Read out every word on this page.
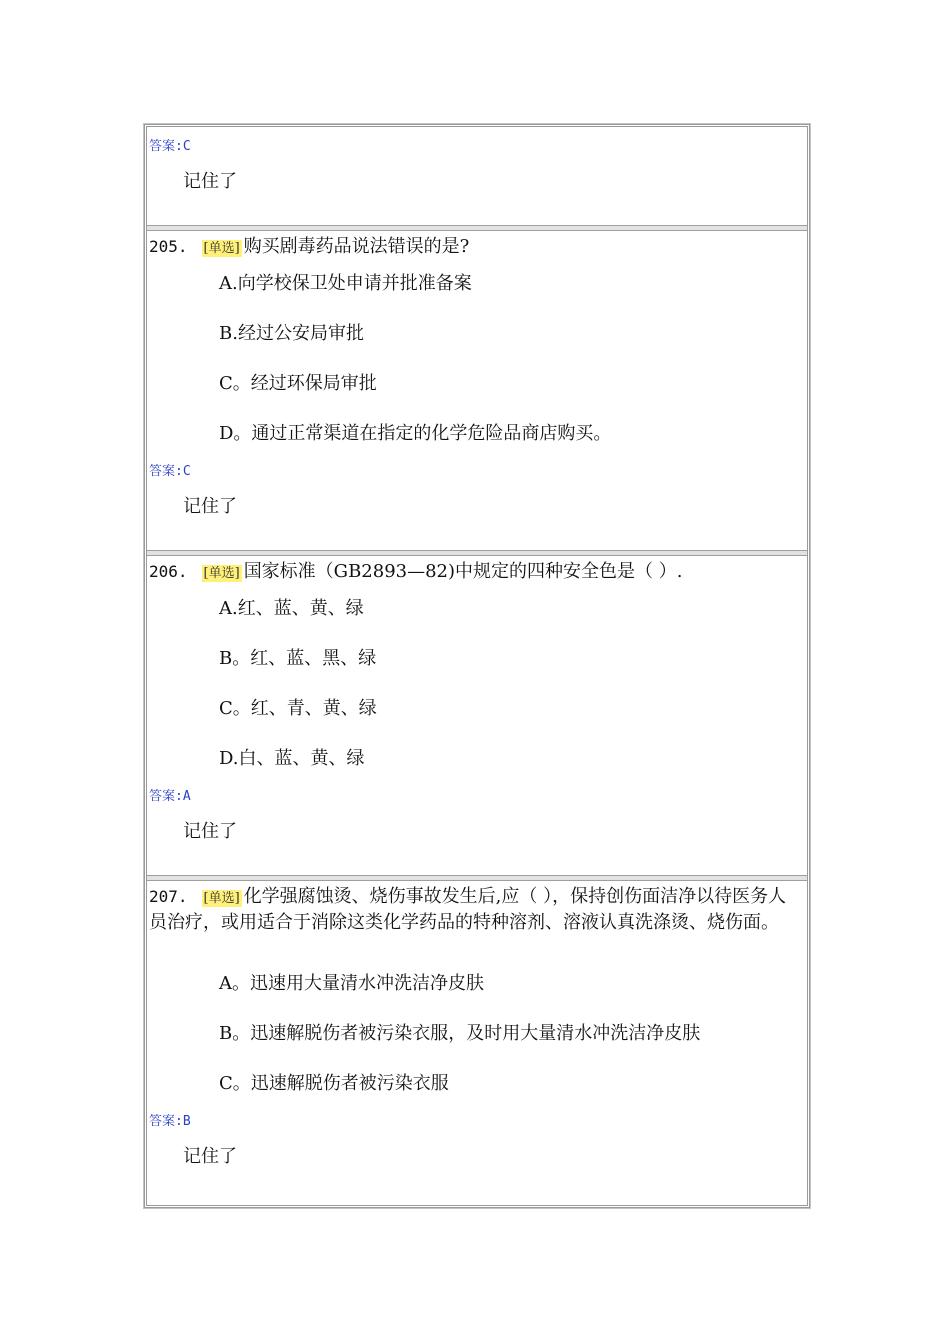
答案:C
记住了
205. [单选] 购买剧毒药品说法错误的是?
A.向学校保卫处申请并批准备案
B.经过公安局审批
C。经过环保局审批
D。通过正常渠道在指定的化学危险品商店购买。
答案:C
记住了
206. [单选] 国家标准（GB2893—82)中规定的四种安全色是（ ）.
A.红、蓝、黄、绿
B。红、蓝、黑、绿
C。红、青、黄、绿
D.白、蓝、黄、绿
答案:A
记住了
207. [单选] 化学强腐蚀烫、烧伤事故发生后,应（ ），保持创伤面洁净以待医务人员治疗，或用适合于消除这类化学药品的特种溶剂、溶液认真洗涤烫、烧伤面。
A。迅速用大量清水冲洗洁净皮肤
B。迅速解脱伤者被污染衣服，及时用大量清水冲洗洁净皮肤
C。迅速解脱伤者被污染衣服
答案:B
记住了
